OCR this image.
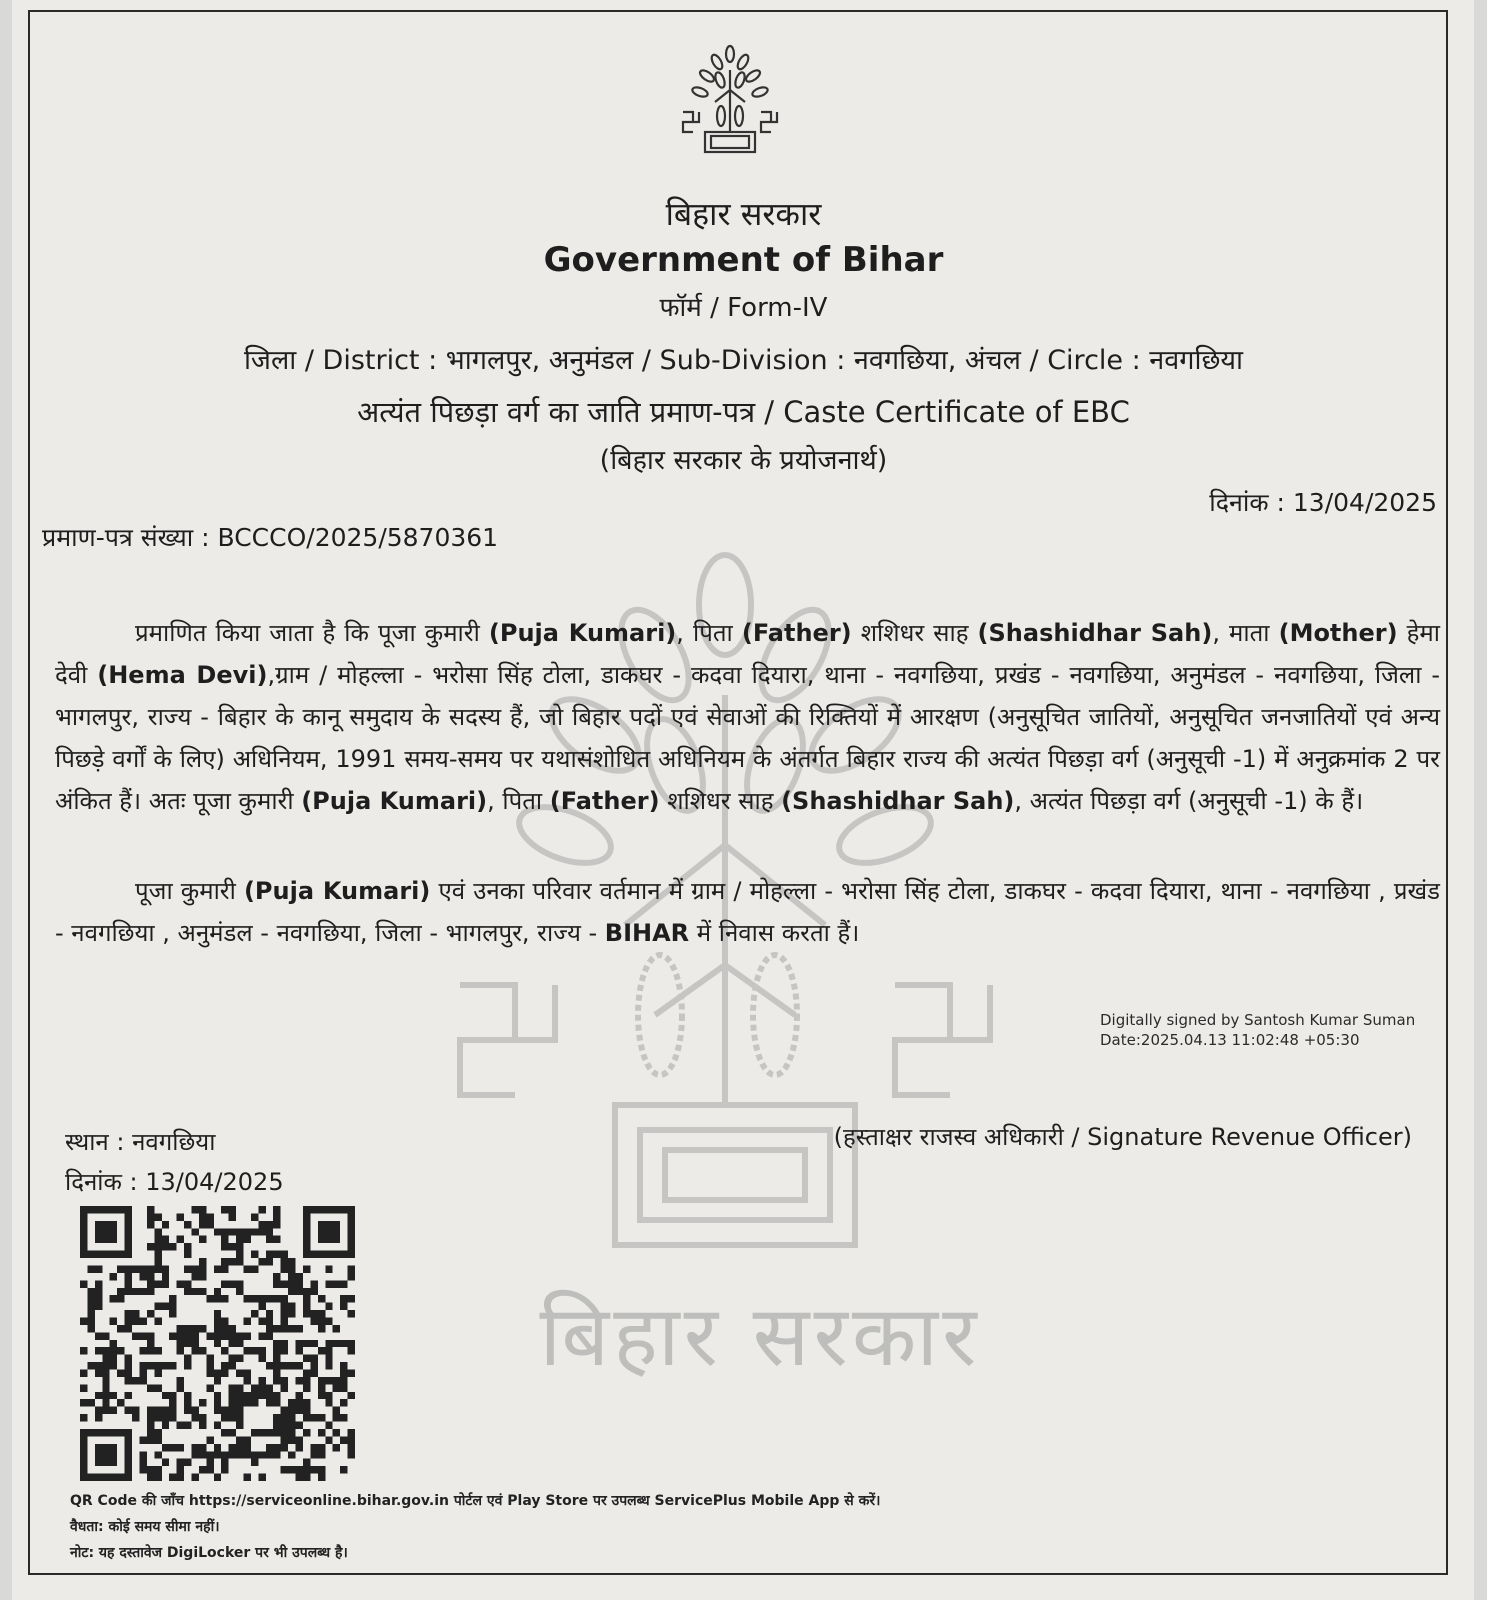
बिहार सरकार
बिहार सरकार
Government of Bihar
फॉर्म / Form-IV
जिला / District : भागलपुर, अनुमंडल / Sub-Division : नवगछिया, अंचल / Circle : नवगछिया
अत्यंत पिछड़ा वर्ग का जाति प्रमाण-पत्र / Caste Certificate of EBC
(बिहार सरकार के प्रयोजनार्थ)
दिनांक : 13/04/2025
प्रमाण-पत्र संख्या : BCCCO/2025/5870361
प्रमाणित किया जाता है कि पूजा कुमारी (Puja Kumari), पिता (Father) शशिधर साह (Shashidhar Sah), माता (Mother) हेमा देवी (Hema Devi),ग्राम / मोहल्ला - भरोसा सिंह टोला, डाकघर - कदवा दियारा, थाना - नवगछिया, प्रखंड - नवगछिया, अनुमंडल - नवगछिया, जिला - भागलपुर, राज्य - बिहार के कानू समुदाय के सदस्य हैं, जो बिहार पदों एवं सेवाओं की रिक्तियों में आरक्षण (अनुसूचित जातियों, अनुसूचित जनजातियों एवं अन्य पिछड़े वर्गों के लिए) अधिनियम, 1991 समय-समय पर यथासंशोधित अधिनियम के अंतर्गत बिहार राज्य की अत्यंत पिछड़ा वर्ग (अनुसूची -1) में अनुक्रमांक 2 पर अंकित हैं। अतः पूजा कुमारी (Puja Kumari), पिता (Father) शशिधर साह (Shashidhar Sah), अत्यंत पिछड़ा वर्ग (अनुसूची -1) के हैं।
पूजा कुमारी (Puja Kumari) एवं उनका परिवार वर्तमान में ग्राम / मोहल्ला - भरोसा सिंह टोला, डाकघर - कदवा दियारा, थाना - नवगछिया , प्रखंड - नवगछिया , अनुमंडल - नवगछिया, जिला - भागलपुर, राज्य - BIHAR में निवास करता हैं।
Digitally signed by Santosh Kumar Suman
Date:2025.04.13 11:02:48 +05:30
स्थान : नवगछिया
दिनांक : 13/04/2025
(हस्ताक्षर राजस्व अधिकारी / Signature Revenue Officer)
QR Code की जाँच https://serviceonline.bihar.gov.in पोर्टल एवं Play Store पर उपलब्ध ServicePlus Mobile App से करें।
वैधता: कोई समय सीमा नहीं।
नोट: यह दस्तावेज DigiLocker पर भी उपलब्ध है।
